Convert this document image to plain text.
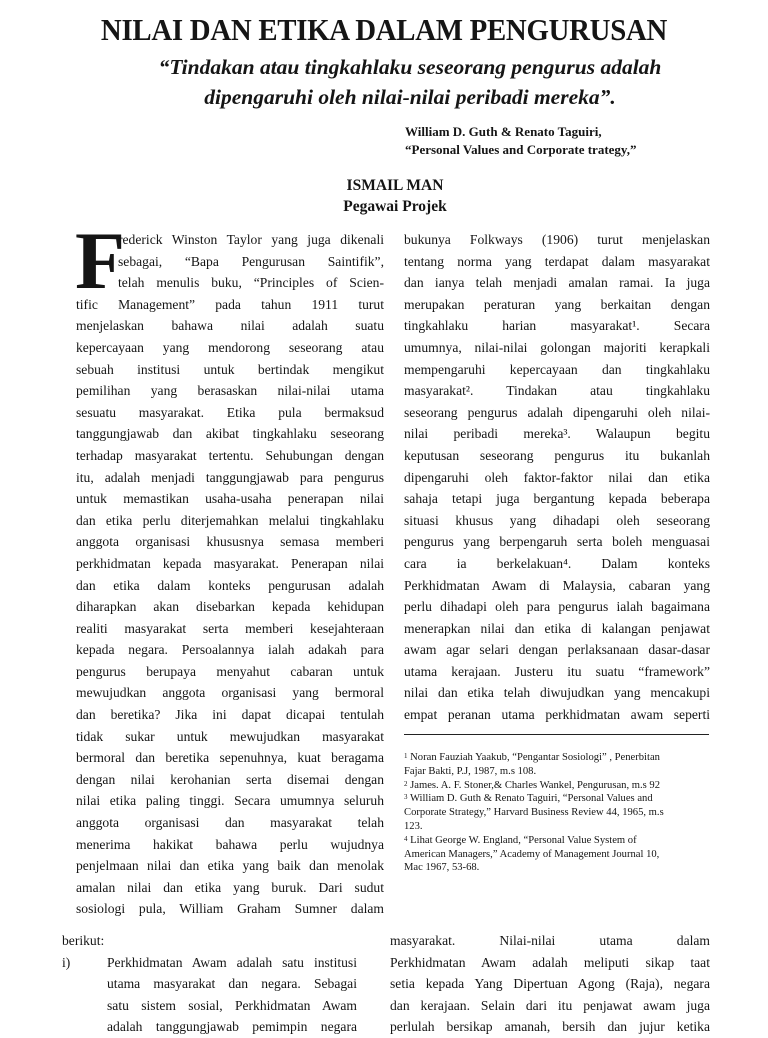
NILAI DAN ETIKA DALAM PENGURUSAN
“Tindakan atau tingkahlaku seseorang pengurus adalah
dipengaruhi oleh nilai-nilai peribadi mereka”.
William D. Guth & Renato Taguiri,
“Personal Values and Corporate trategy,”
ISMAIL MAN
Pegawai Projek
F
rederick Winston Taylor yang juga dikenali
sebagai, “Bapa Pengurusan Saintifik”,
telah menulis buku, “Principles of Scien-
tific Management” pada tahun 1911 turut
menjelaskan bahawa nilai adalah suatu
kepercayaan yang mendorong seseorang atau
sebuah institusi untuk bertindak mengikut
pemilihan yang berasaskan nilai-nilai utama
sesuatu masyarakat. Etika pula bermaksud
tanggungjawab dan akibat tingkahlaku seseorang
terhadap masyarakat tertentu. Sehubungan dengan
itu, adalah menjadi tanggungjawab para pengurus
untuk memastikan usaha-usaha penerapan nilai
dan etika perlu diterjemahkan melalui tingkahlaku
anggota organisasi khususnya semasa memberi
perkhidmatan kepada masyarakat. Penerapan nilai
dan etika dalam konteks pengurusan adalah
diharapkan akan disebarkan kepada kehidupan
realiti masyarakat serta memberi kesejahteraan
kepada negara. Persoalannya ialah adakah para
pengurus berupaya menyahut cabaran untuk
mewujudkan anggota organisasi yang bermoral
dan beretika? Jika ini dapat dicapai tentulah
tidak sukar untuk mewujudkan masyarakat
bermoral dan beretika sepenuhnya, kuat beragama
dengan nilai kerohanian serta disemai dengan
nilai etika paling tinggi. Secara umumnya seluruh
anggota organisasi dan masyarakat telah
menerima hakikat bahawa perlu wujudnya
penjelmaan nilai dan etika yang baik dan menolak
amalan nilai dan etika yang buruk. Dari sudut
sosiologi pula, William Graham Sumner dalam
bukunya Folkways (1906) turut menjelaskan
tentang norma yang terdapat dalam masyarakat
dan ianya telah menjadi amalan ramai. Ia juga
merupakan peraturan yang berkaitan dengan
tingkahlaku harian masyarakat¹. Secara
umumnya, nilai-nilai golongan majoriti kerapkali
mempengaruhi kepercayaan dan tingkahlaku
masyarakat². Tindakan atau tingkahlaku
seseorang pengurus adalah dipengaruhi oleh nilai-
nilai peribadi mereka³. Walaupun begitu
keputusan seseorang pengurus itu bukanlah
dipengaruhi oleh faktor-faktor nilai dan etika
sahaja tetapi juga bergantung kepada beberapa
situasi khusus yang dihadapi oleh seseorang
pengurus yang berpengaruh serta boleh menguasai
cara ia berkelakuan⁴. Dalam konteks
Perkhidmatan Awam di Malaysia, cabaran yang
perlu dihadapi oleh para pengurus ialah bagaimana
menerapkan nilai dan etika di kalangan penjawat
awam agar selari dengan perlaksanaan dasar-dasar
utama kerajaan. Justeru itu suatu “framework”
nilai dan etika telah diwujudkan yang mencakupi
empat peranan utama perkhidmatan awam seperti
$^1$ Noran Fauziah Yaakub, “Pengantar Sosiologi” , Penerbitan
Fajar Bakti, P.J, 1987, m.s 108.
$^2$ James. A. F. Stoner,& Charles Wankel, Pengurusan, m.s 92
$^3$ William D. Guth & Renato Taguiri, “Personal Values and
Corporate Strategy,” Harvard Business Review 44, 1965, m.s
123.
$^4$ Lihat George W. England, “Personal Value System of
American Managers,” Academy of Management Journal 10,
Mac 1967, 53-68.
berikut:
i)	Perkhidmatan Awam adalah satu institusi
utama masyarakat dan negara. Sebagai
satu sistem sosial, Perkhidmatan Awam
adalah tanggungjawab pemimpin negara
masyarakat. Nilai-nilai utama dalam
Perkhidmatan Awam adalah meliputi sikap taat
setia kepada Yang Dipertuan Agong (Raja), negara
dan kerajaan. Selain dari itu penjawat awam juga
perlulah bersikap amanah, bersih dan jujur ketika
